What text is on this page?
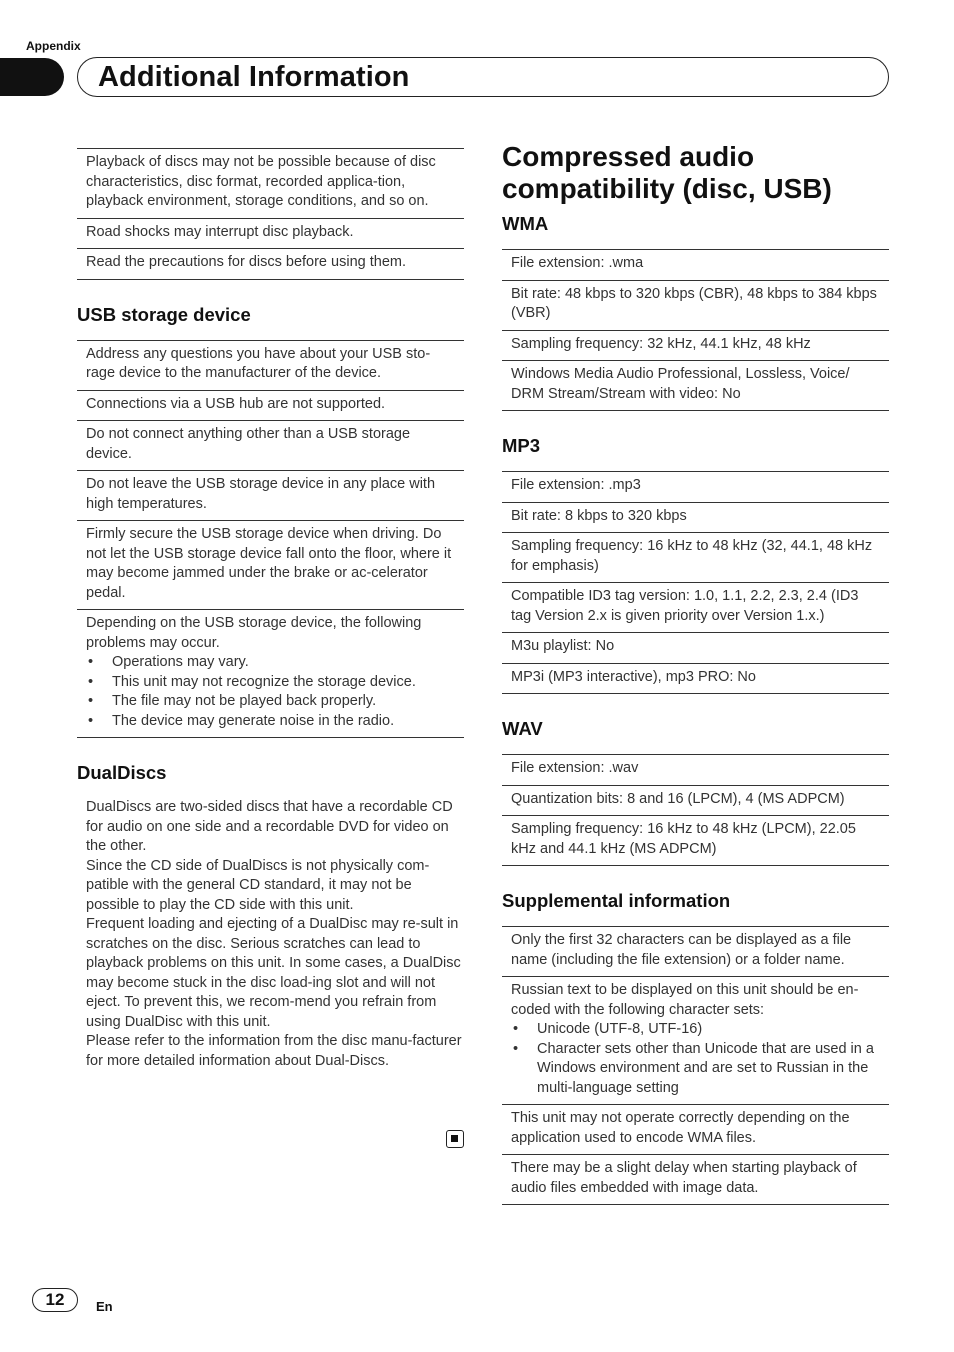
Appendix
Additional Information
Playback of discs may not be possible because of disc characteristics, disc format, recorded applica-tion, playback environment, storage conditions, and so on.
Road shocks may interrupt disc playback.
Read the precautions for discs before using them.
USB storage device
Address any questions you have about your USB sto-rage device to the manufacturer of the device.
Connections via a USB hub are not supported.
Do not connect anything other than a USB storage device.
Do not leave the USB storage device in any place with high temperatures.
Firmly secure the USB storage device when driving. Do not let the USB storage device fall onto the floor, where it may become jammed under the brake or ac-celerator pedal.
Depending on the USB storage device, the following problems may occur.
• Operations may vary.
• This unit may not recognize the storage device.
• The file may not be played back properly.
• The device may generate noise in the radio.
DualDiscs

DualDiscs are two-sided discs that have a recordable CD for audio on one side and a recordable DVD for video on the other.

Since the CD side of DualDiscs is not physically com-patible with the general CD standard, it may not be possible to play the CD side with this unit.

Frequent loading and ejecting of a DualDisc may re-sult in scratches on the disc. Serious scratches can lead to playback problems on this unit. In some cases, a DualDisc may become stuck in the disc load-ing slot and will not eject. To prevent this, we recom-mend you refrain from using DualDisc with this unit.

Please refer to the information from the disc manu-facturer for more detailed information about Dual-Discs.

Compressed audio compatibility (disc, USB)
WMA
File extension: .wma
Bit rate: 48 kbps to 320 kbps (CBR), 48 kbps to 384 kbps (VBR)
Sampling frequency: 32 kHz, 44.1 kHz, 48 kHz
Windows Media Audio Professional, Lossless, Voice/ DRM Stream/Stream with video: No
MP3
File extension: .mp3
Bit rate: 8 kbps to 320 kbps
Sampling frequency: 16 kHz to 48 kHz (32, 44.1, 48 kHz for emphasis)
Compatible ID3 tag version: 1.0, 1.1, 2.2, 2.3, 2.4 (ID3 tag Version 2.x is given priority over Version 1.x.)
M3u playlist: No
MP3i (MP3 interactive), mp3 PRO: No
WAV
File extension: .wav
Quantization bits: 8 and 16 (LPCM), 4 (MS ADPCM)
Sampling frequency: 16 kHz to 48 kHz (LPCM), 22.05 kHz and 44.1 kHz (MS ADPCM)
Supplemental information
Only the first 32 characters can be displayed as a file name (including the file extension) or a folder name.
Russian text to be displayed on this unit should be en-coded with the following character sets:
• Unicode (UTF-8, UTF-16)
• Character sets other than Unicode that are used in a Windows environment and are set to Russian in the multi-language setting
This unit may not operate correctly depending on the application used to encode WMA files.
There may be a slight delay when starting playback of audio files embedded with image data.
12	En
